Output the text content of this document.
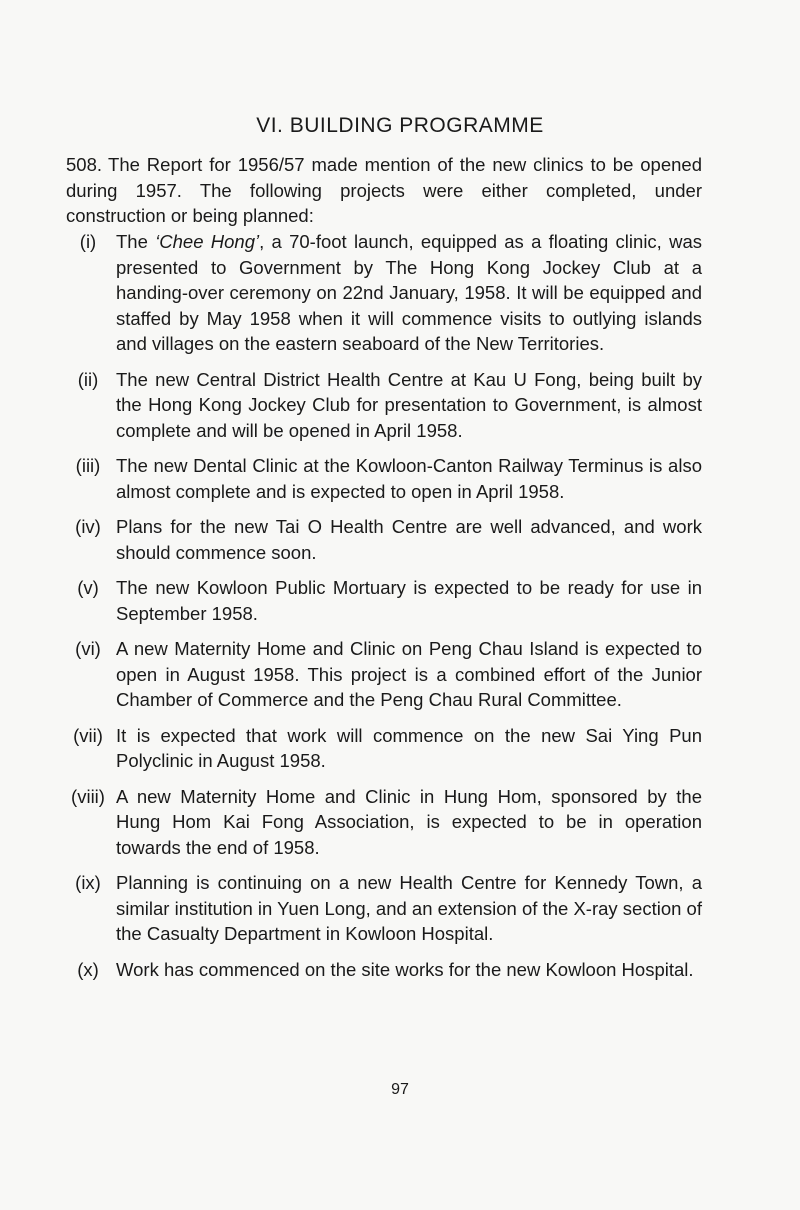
VI. BUILDING PROGRAMME

508. The Report for 1956/57 made mention of the new clinics to be opened during 1957. The following projects were either completed, under construction or being planned:

(i)	The ‘Chee Hong’, a 70-foot launch, equipped as a floating clinic, was presented to Government by The Hong Kong Jockey Club at a handing-over ceremony on 22nd January, 1958. It will be equipped and staffed by May 1958 when it will commence visits to outlying islands and villages on the eastern seaboard of the New Territories.
(ii) The new Central District Health Centre at Kau U Fong, being built by the Hong Kong Jockey Club for presentation to Government, is almost complete and will be opened in April 1958.
(iii) The new Dental Clinic at the Kowloon-Canton Railway Terminus is also almost complete and is expected to open in April 1958.
(iv) Plans for the new Tai O Health Centre are well advanced, and work should commence soon.
(v) The new Kowloon Public Mortuary is expected to be ready for use in September 1958.
(vi) A new Maternity Home and Clinic on Peng Chau Island is expected to open in August 1958. This project is a combined effort of the Junior Chamber of Commerce and the Peng Chau Rural Committee.
(vii) It is expected that work will commence on the new Sai Ying Pun Polyclinic in August 1958.
(viii) A new Maternity Home and Clinic in Hung Hom, sponsored by the Hung Hom Kai Fong Association, is expected to be in operation towards the end of 1958.
(ix) Planning is continuing on a new Health Centre for Kennedy Town, a similar institution in Yuen Long, and an extension of the X-ray section of the Casualty Department in Kowloon Hospital.
(x) Work has commenced on the site works for the new Kowloon Hospital.
97
